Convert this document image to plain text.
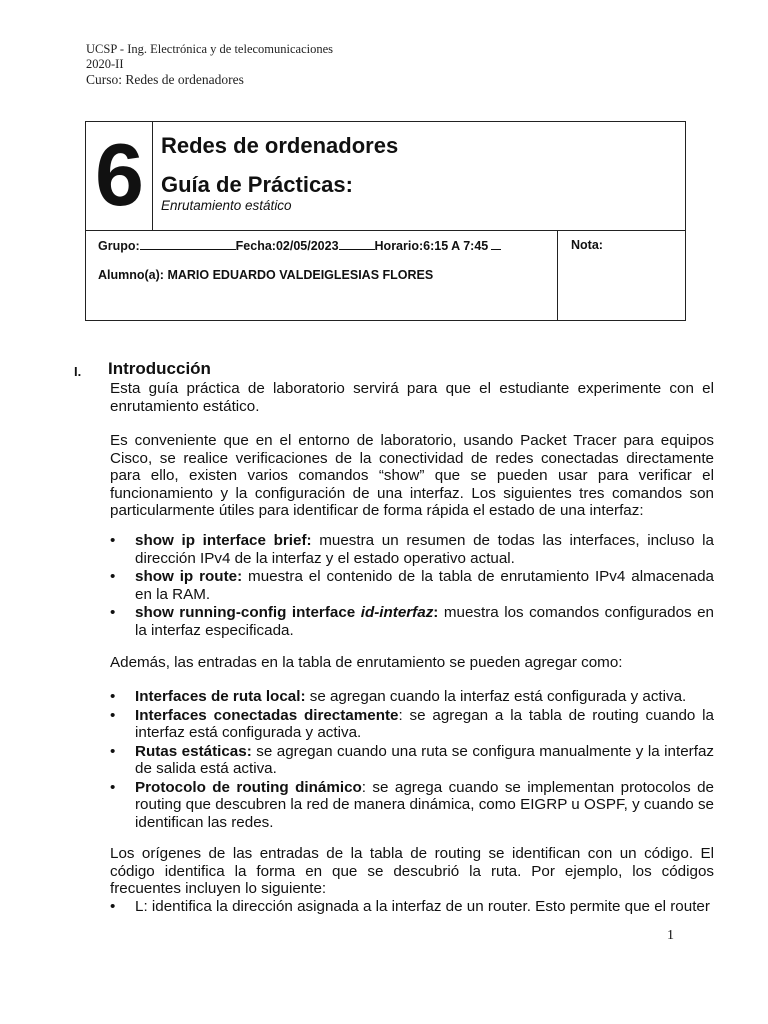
UCSP - Ing. Electrónica y de telecomunicaciones
2020-II
Curso: Redes de ordenadores
6 Redes de ordenadores
Guía de Prácticas:
Enrutamiento estático
Grupo:	Fecha:02/05/2023	Horario:6:15 A 7:45
Alumno(a): MARIO EDUARDO VALDEIGLESIAS FLORES
Nota:
I. Introducción

Esta guía práctica de laboratorio servirá para que el estudiante experimente con el enrutamiento estático.

Es conveniente que en el entorno de laboratorio, usando Packet Tracer para equipos Cisco, se realice verificaciones de la conectividad de redes conectadas directamente para ello, existen varios comandos “show” que se pueden usar para verificar el funcionamiento y la configuración de una interfaz. Los siguientes tres comandos son particularmente útiles para identificar de forma rápida el estado de una interfaz:

• show ip interface brief: muestra un resumen de todas las interfaces, incluso la dirección IPv4 de la interfaz y el estado operativo actual.
• show ip route: muestra el contenido de la tabla de enrutamiento IPv4 almacenada en la RAM.
• show running-config interface id-interfaz: muestra los comandos configurados en la interfaz especificada.

Además, las entradas en la tabla de enrutamiento se pueden agregar como:

• Interfaces de ruta local: se agregan cuando la interfaz está configurada y activa.
• Interfaces conectadas directamente: se agregan a la tabla de routing cuando la interfaz está configurada y activa.
• Rutas estáticas: se agregan cuando una ruta se configura manualmente y la interfaz de salida está activa.
• Protocolo de routing dinámico: se agrega cuando se implementan protocolos de routing que descubren la red de manera dinámica, como EIGRP u OSPF, y cuando se identifican las redes.

Los orígenes de las entradas de la tabla de routing se identifican con un código. El código identifica la forma en que se descubrió la ruta. Por ejemplo, los códigos frecuentes incluyen lo siguiente:

• L: identifica la dirección asignada a la interfaz de un router. Esto permite que el router
1
